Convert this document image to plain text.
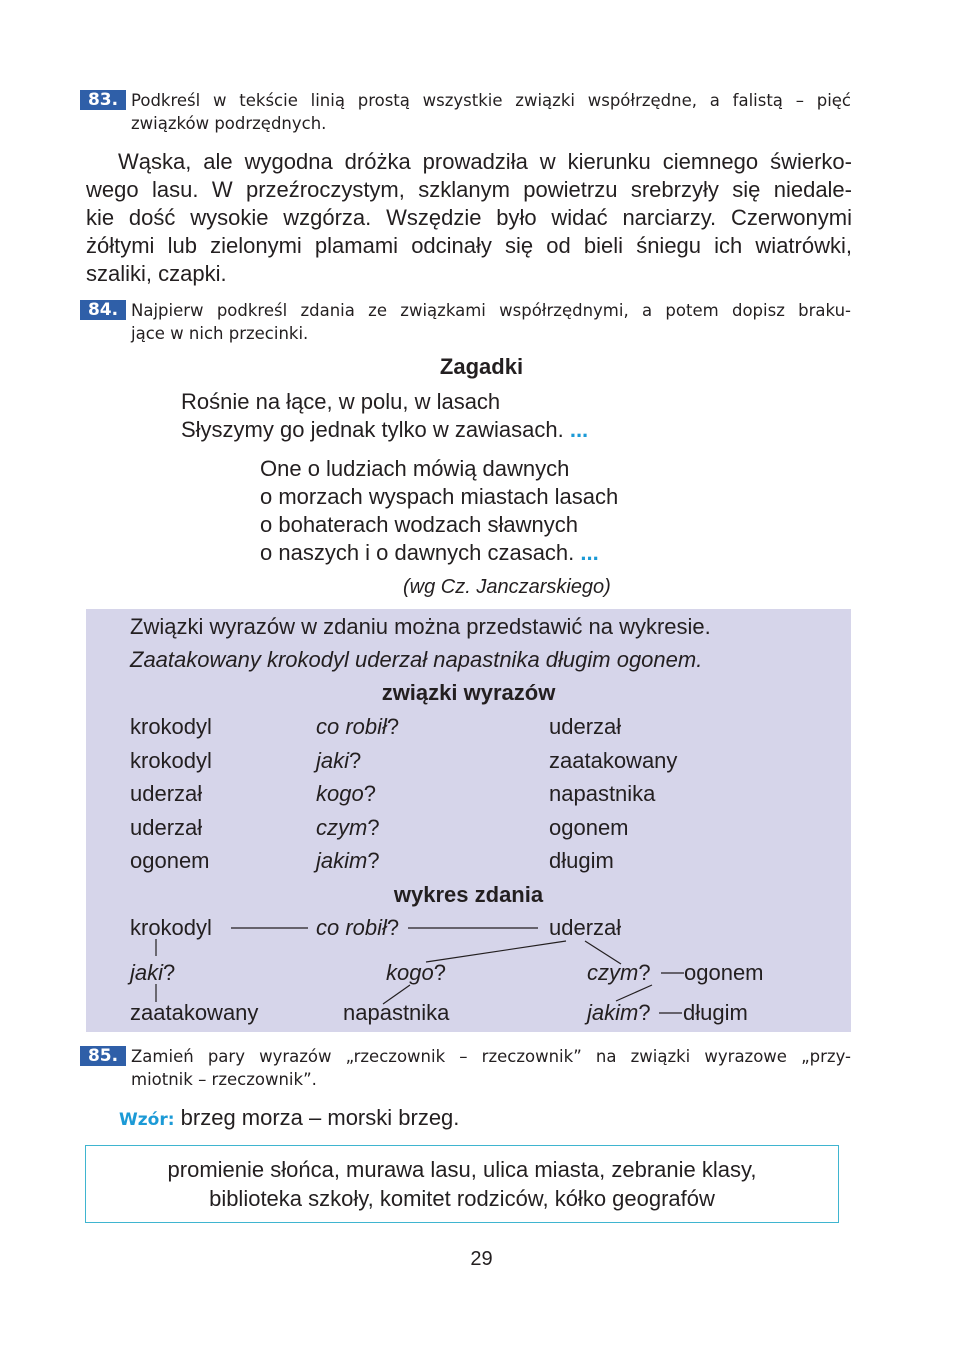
83. Podkreśl w tekście linią prostą wszystkie związki współrzędne, a falistą – pięć
związków podrzędnych.
Wąska, ale wygodna dróżka prowadziła w kierunku ciemnego świerko-
wego lasu. W przeźroczystym, szklanym powietrzu srebrzyły się niedale-
kie dość wysokie wzgórza. Wszędzie było widać narciarzy. Czerwonymi
żółtymi lub zielonymi plamami odcinały się od bieli śniegu ich wiatrówki,
szaliki, czapki.
84. Najpierw podkreśl zdania ze związkami współrzędnymi, a potem dopisz braku-
jące w nich przecinki.
Zagadki
Rośnie na łące, w polu, w lasach
Słyszymy go jednak tylko w zawiasach. ...
One o ludziach mówią dawnych
o morzach wyspach miastach lasach
o bohaterach wodzach sławnych
o naszych i o dawnych czasach. ...
(wg Cz. Janczarskiego)
Związki wyrazów w zdaniu można przedstawić na wykresie.
Zaatakowany krokodyl uderzał napastnika długim ogonem.
związki wyrazów
krokodyl	co robił?	uderzał
krokodyl	jaki?	zaatakowany
uderzał	kogo?	napastnika
uderzał	czym?	ogonem
ogonem	jakim?	długim
wykres zdania
krokodyl	co robił?	uderzał
jaki?	kogo?	czym? ogonem
zaatakowany	napastnika	jakim? długim
85. Zamień pary wyrazów „rzeczownik – rzeczownik” na związki wyrazowe „przy-
miotnik – rzeczownik”.
Wzór: brzeg morza – morski brzeg.
promienie słońca, murawa lasu, ulica miasta, zebranie klasy,
biblioteka szkoły, komitet rodziców, kółko geografów
29
